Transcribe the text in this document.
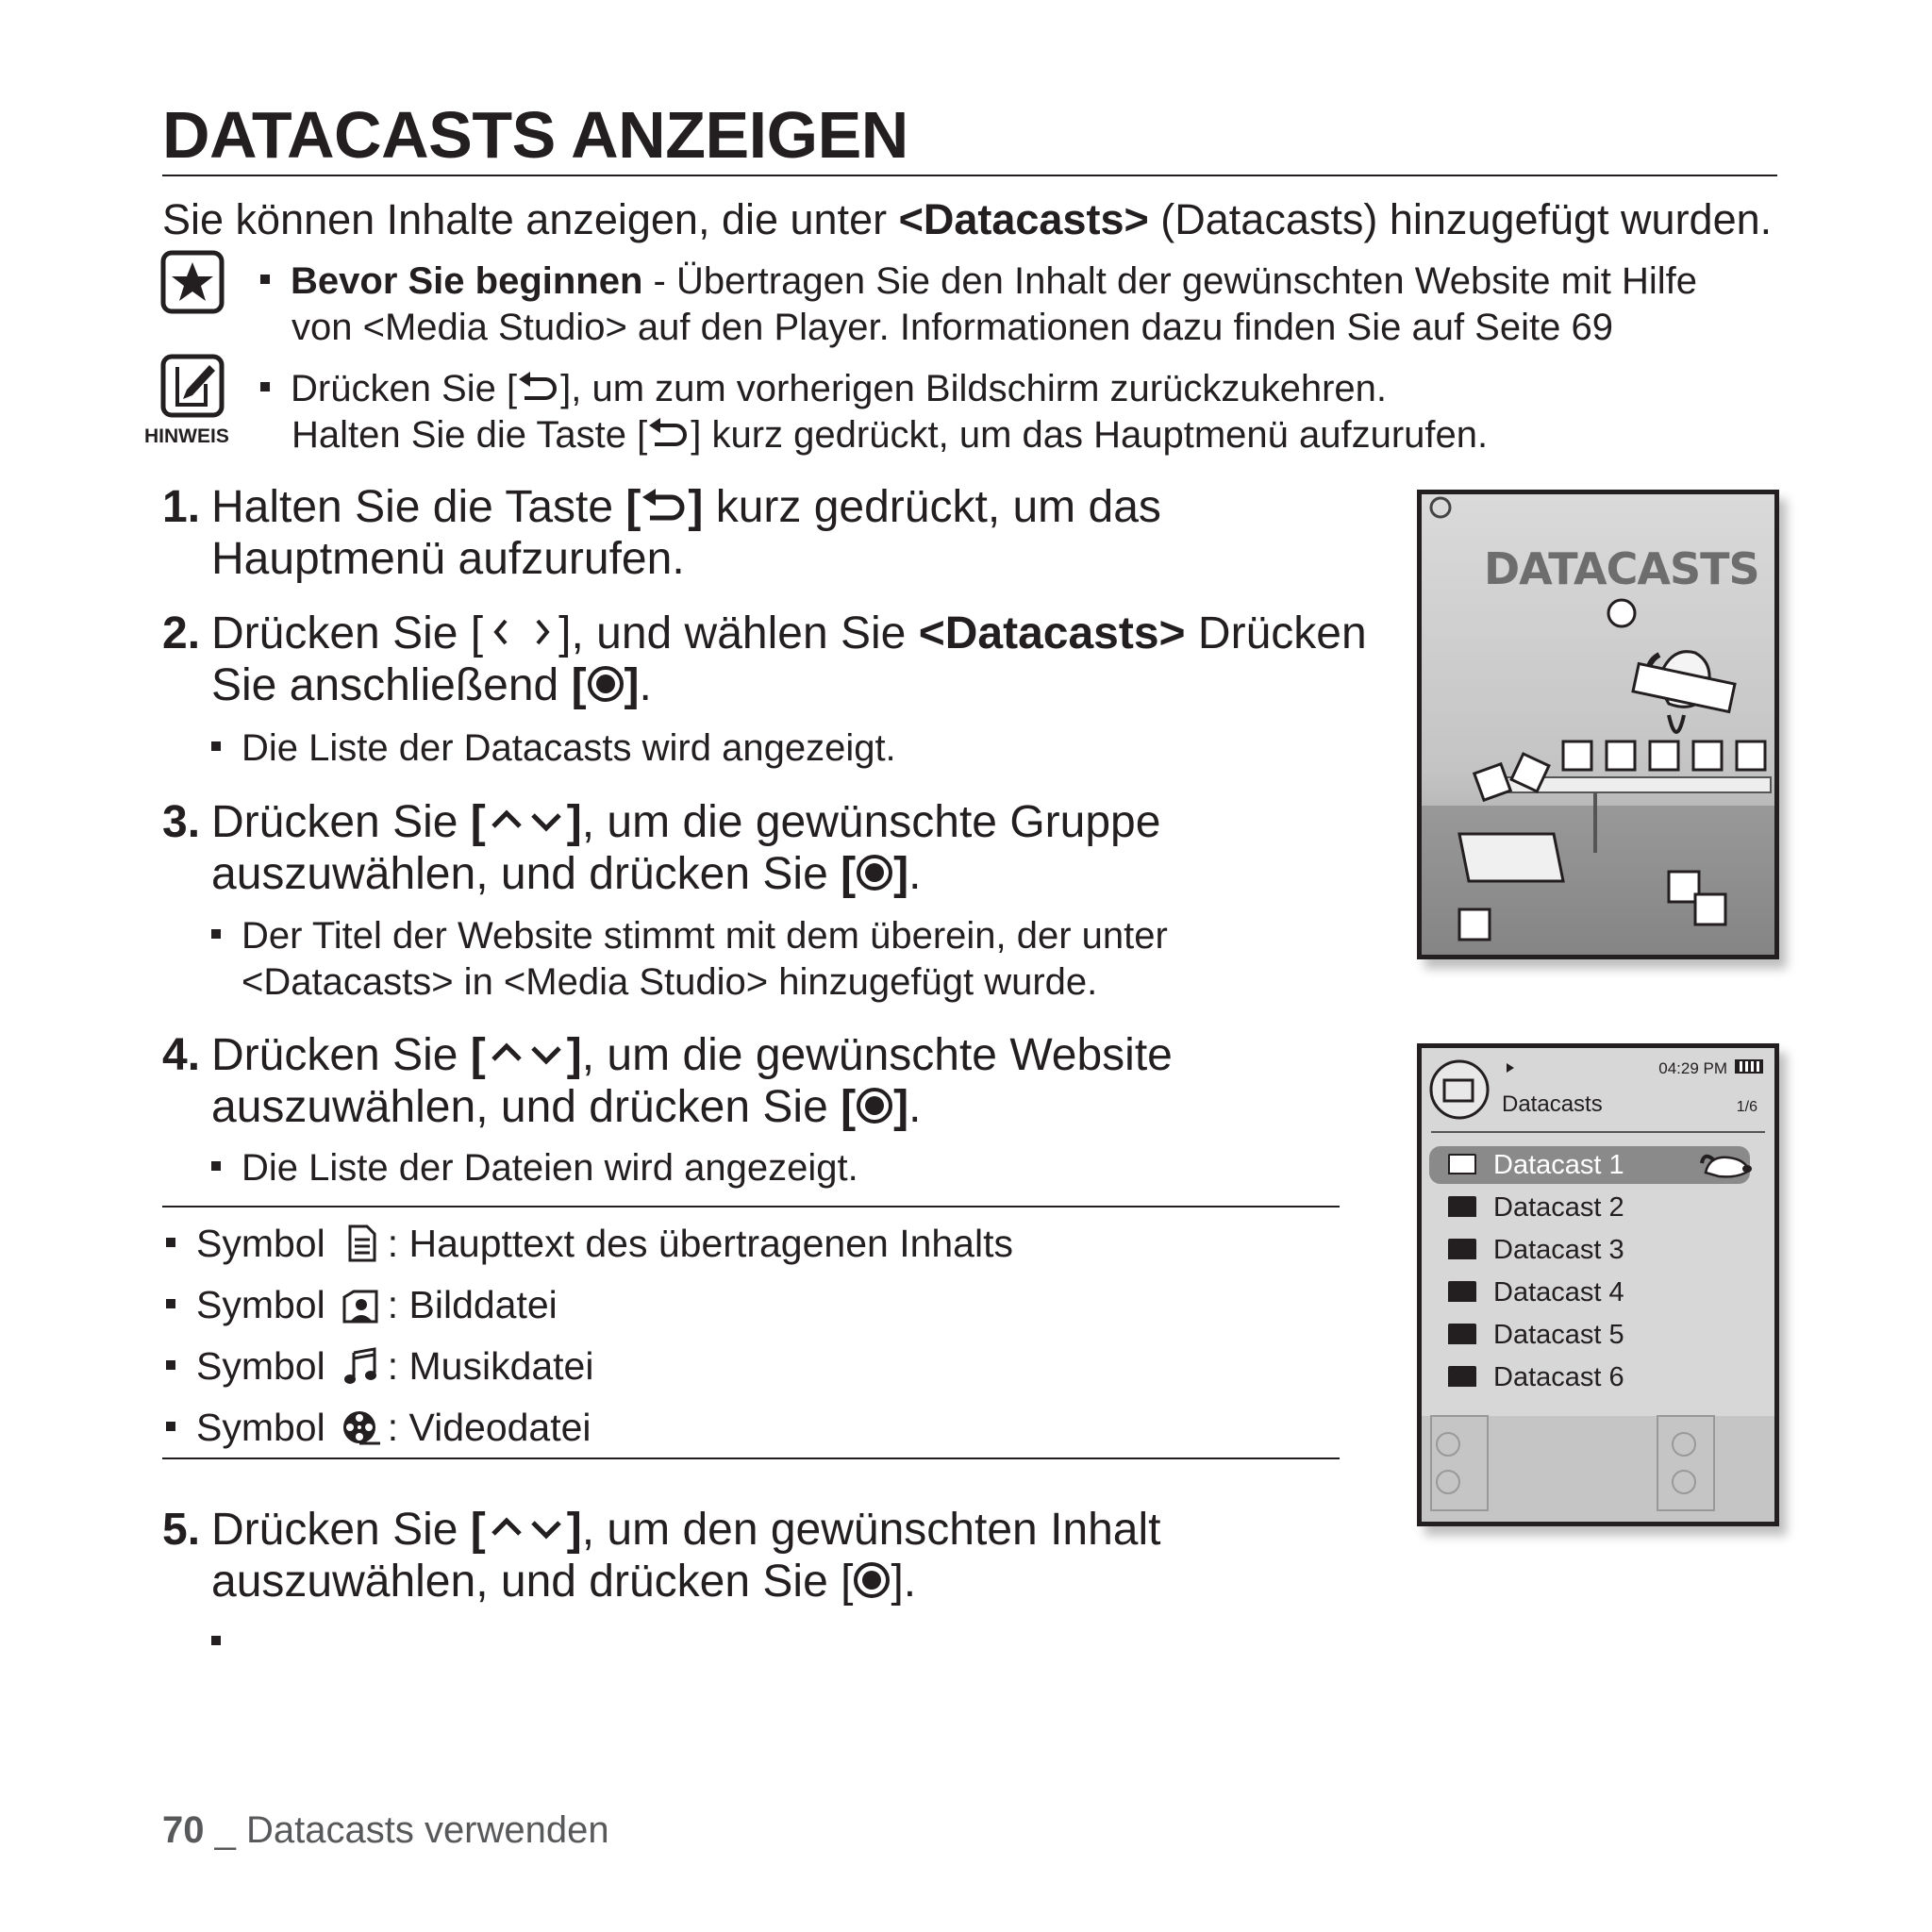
DATACASTS ANZEIGEN
Sie können Inhalte anzeigen, die unter <Datacasts> (Datacasts) hinzugefügt wurden.
Bevor Sie beginnen - Übertragen Sie den Inhalt der gewünschten Website mit Hilfe
von <Media Studio> auf den Player. Informationen dazu finden Sie auf Seite 69
HINWEIS
Drücken Sie [ ], um zum vorherigen Bildschirm zurückzukehren.
Halten Sie die Taste [ ] kurz gedrückt, um das Hauptmenü aufzurufen.
1. Halten Sie die Taste [ ] kurz gedrückt, um das
Hauptmenü aufzurufen.
2. Drücken Sie [ ], und wählen Sie <Datacasts> Drücken
Sie anschließend [ ].
Die Liste der Datacasts wird angezeigt.
3. Drücken Sie [ ], um die gewünschte Gruppe
auszuwählen, und drücken Sie [ ].
Der Titel der Website stimmt mit dem überein, der unter
<Datacasts> in <Media Studio> hinzugefügt wurde.
4. Drücken Sie [ ], um die gewünschte Website
auszuwählen, und drücken Sie [ ].
Die Liste der Dateien wird angezeigt.
Symbol : Haupttext des übertragenen Inhalts
Symbol : Bilddatei
Symbol : Musikdatei
Symbol : Videodatei
5. Drücken Sie [ ], um den gewünschten Inhalt
auszuwählen, und drücken Sie [ ].
DATACASTS
04:29 PM
Datacasts	1/6
Datacast 1
Datacast 2
Datacast 3
Datacast 4
Datacast 5
Datacast 6
70 _ Datacasts verwenden
